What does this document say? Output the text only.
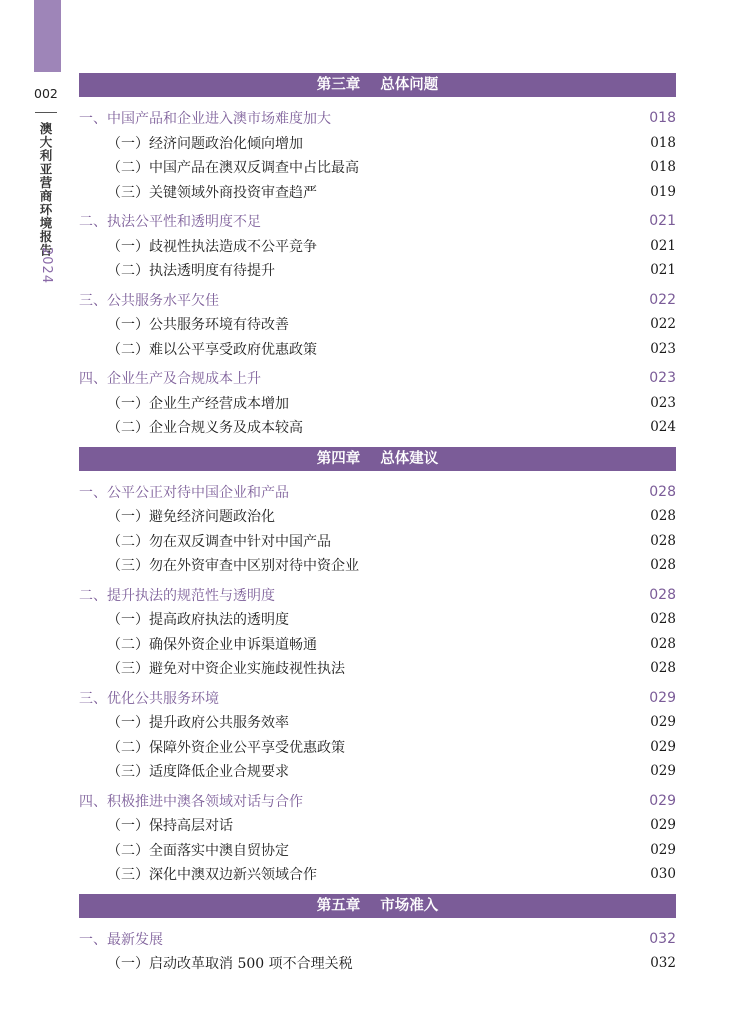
002
澳大利亚营商环境报告
2024
第三章 总体问题
一、中国产品和企业进入澳市场难度加大	018
（一）经济问题政治化倾向增加	018
（二）中国产品在澳双反调查中占比最高	018
（三）关键领域外商投资审查趋严	019
二、执法公平性和透明度不足	021
（一）歧视性执法造成不公平竞争	021
（二）执法透明度有待提升	021
三、公共服务水平欠佳	022
（一）公共服务环境有待改善	022
（二）难以公平享受政府优惠政策	023
四、企业生产及合规成本上升	023
（一）企业生产经营成本增加	023
（二）企业合规义务及成本较高	024
第四章 总体建议
一、公平公正对待中国企业和产品	028
（一）避免经济问题政治化	028
（二）勿在双反调查中针对中国产品	028
（三）勿在外资审查中区别对待中资企业	028
二、提升执法的规范性与透明度	028
（一）提高政府执法的透明度	028
（二）确保外资企业申诉渠道畅通	028
（三）避免对中资企业实施歧视性执法	028
三、优化公共服务环境	029
（一）提升政府公共服务效率	029
（二）保障外资企业公平享受优惠政策	029
（三）适度降低企业合规要求	029
四、积极推进中澳各领域对话与合作	029
（一）保持高层对话	029
（二）全面落实中澳自贸协定	029
（三）深化中澳双边新兴领域合作	030
第五章 市场准入
一、最新发展	032
（一）启动改革取消 500 项不合理关税	032
